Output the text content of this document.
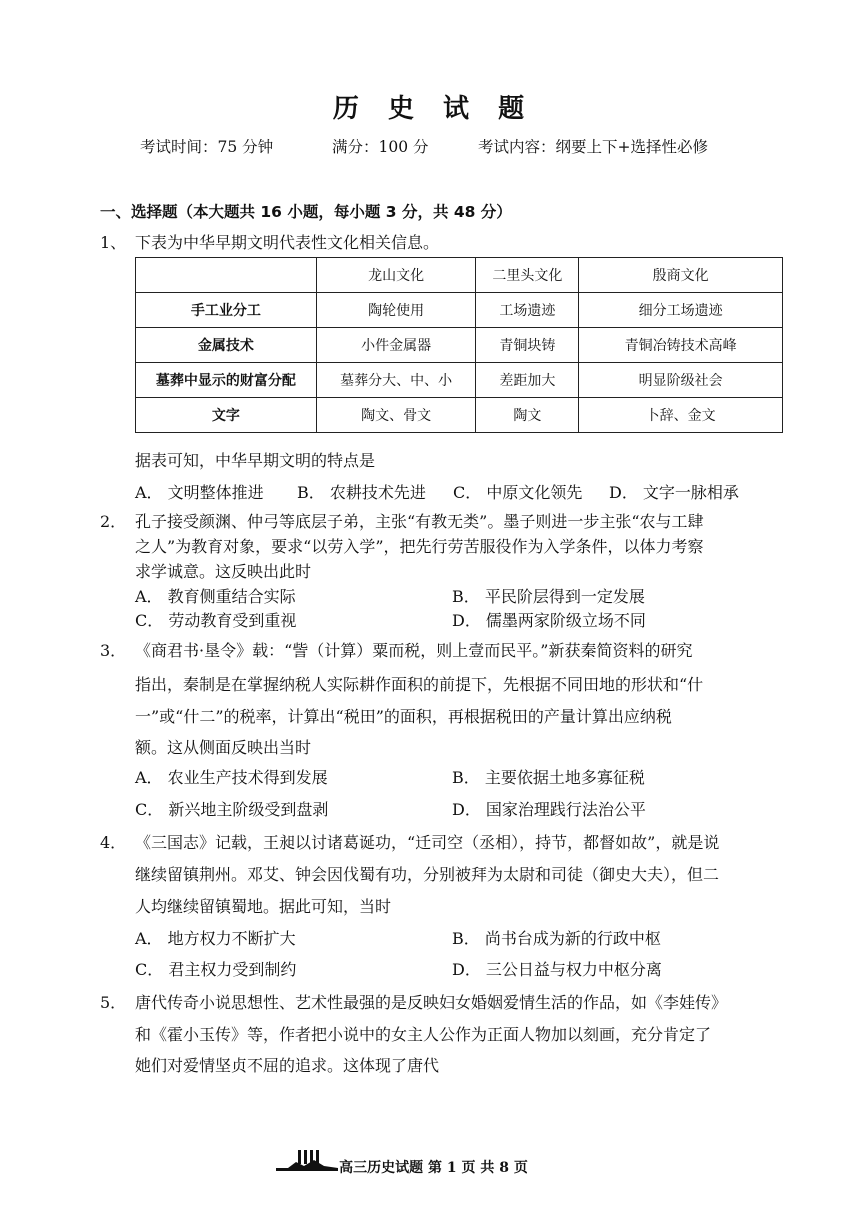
历 史 试 题
考试时间：75 分钟	满分：100 分	考试内容：纲要上下+选择性必修
一、选择题（本大题共 16 小题，每小题 3 分，共 48 分）
1、 下表为中华早期文明代表性文化相关信息。
	龙山文化	二里头文化	殷商文化
手工业分工	陶轮使用	工场遗迹	细分工场遗迹
金属技术	小件金属器	青铜块铸	青铜冶铸技术高峰
墓葬中显示的财富分配	墓葬分大、中、小	差距加大	明显阶级社会
文字	陶文、骨文	陶文	卜辞、金文
据表可知，中华早期文明的特点是
A． 文明整体推进 B． 农耕技术先进 C． 中原文化领先 D． 文字一脉相承
2． 孔子接受颜渊、仲弓等底层子弟，主张“有教无类”。墨子则进一步主张“农与工肆
之人”为教育对象，要求“以劳入学”，把先行劳苦服役作为入学条件，以体力考察
求学诚意。这反映出此时
A． 教育侧重结合实际	B． 平民阶层得到一定发展
C． 劳动教育受到重视	D． 儒墨两家阶级立场不同
3． 《商君书·垦令》载：“訾（计算）粟而税，则上壹而民平。”新获秦简资料的研究
指出，秦制是在掌握纳税人实际耕作面积的前提下，先根据不同田地的形状和“什
一”或“什二”的税率，计算出“税田”的面积，再根据税田的产量计算出应纳税
额。这从侧面反映出当时
A． 农业生产技术得到发展	B． 主要依据土地多寡征税
C． 新兴地主阶级受到盘剥	D． 国家治理践行法治公平
4． 《三国志》记载，王昶以讨诸葛诞功，“迁司空（丞相），持节，都督如故”，就是说
继续留镇荆州。邓艾、钟会因伐蜀有功，分别被拜为太尉和司徒（御史大夫），但二
人均继续留镇蜀地。据此可知，当时
A． 地方权力不断扩大	B． 尚书台成为新的行政中枢
C． 君主权力受到制约	D． 三公日益与权力中枢分离
5． 唐代传奇小说思想性、艺术性最强的是反映妇女婚姻爱情生活的作品，如《李娃传》
和《霍小玉传》等，作者把小说中的女主人公作为正面人物加以刻画，充分肯定了
她们对爱情坚贞不屈的追求。这体现了唐代
高三历史试题 第 1 页 共 8 页
